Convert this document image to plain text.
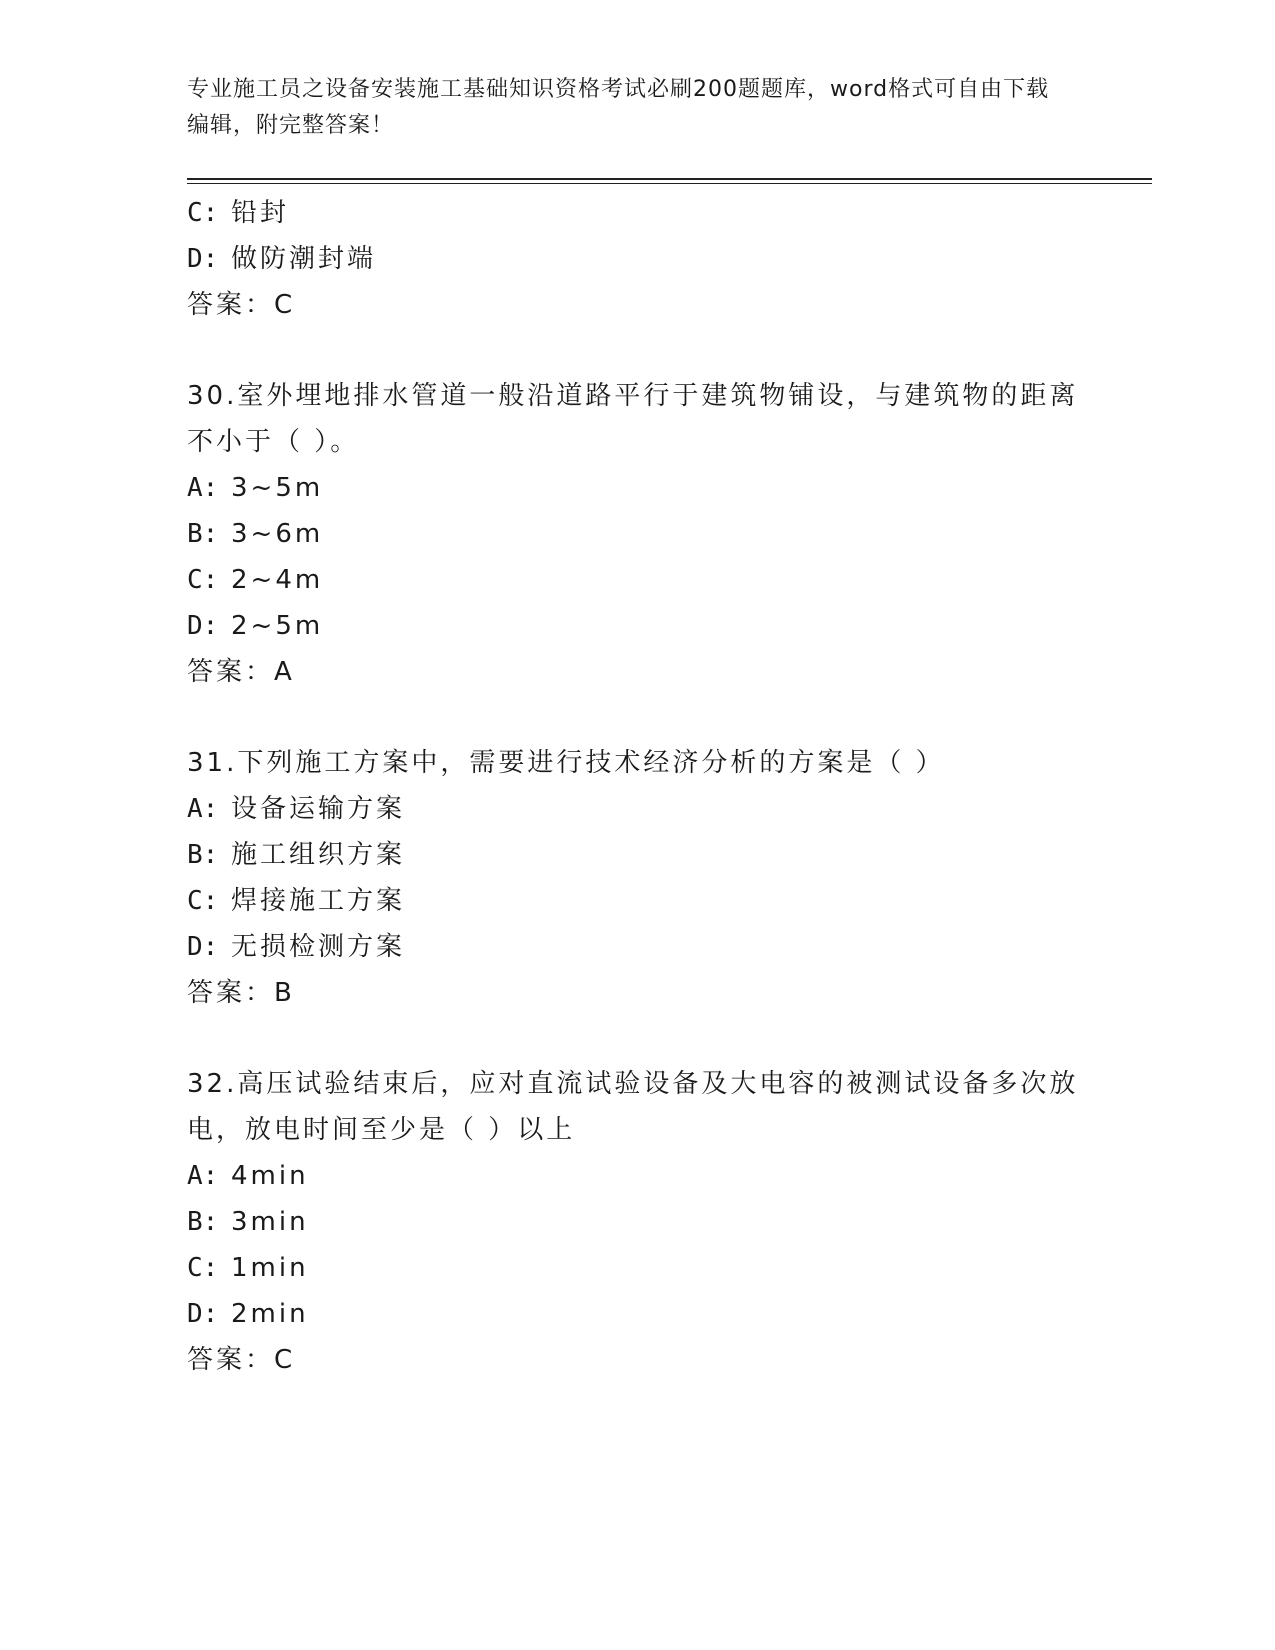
专业施工员之设备安装施工基础知识资格考试必刷200题题库，word格式可自由下载编辑，附完整答案！
C: 铅封
D: 做防潮封端
答案：C
30.室外埋地排水管道一般沿道路平行于建筑物铺设，与建筑物的距离
不小于（ ）。
A: 3~5m
B: 3~6m
C: 2~4m
D: 2~5m
答案：A
31.下列施工方案中，需要进行技术经济分析的方案是（ ）
A: 设备运输方案
B: 施工组织方案
C: 焊接施工方案
D: 无损检测方案
答案：B
32.高压试验结束后，应对直流试验设备及大电容的被测试设备多次放
电，放电时间至少是（ ）以上
A: 4min
B: 3min
C: 1min
D: 2min
答案：C
